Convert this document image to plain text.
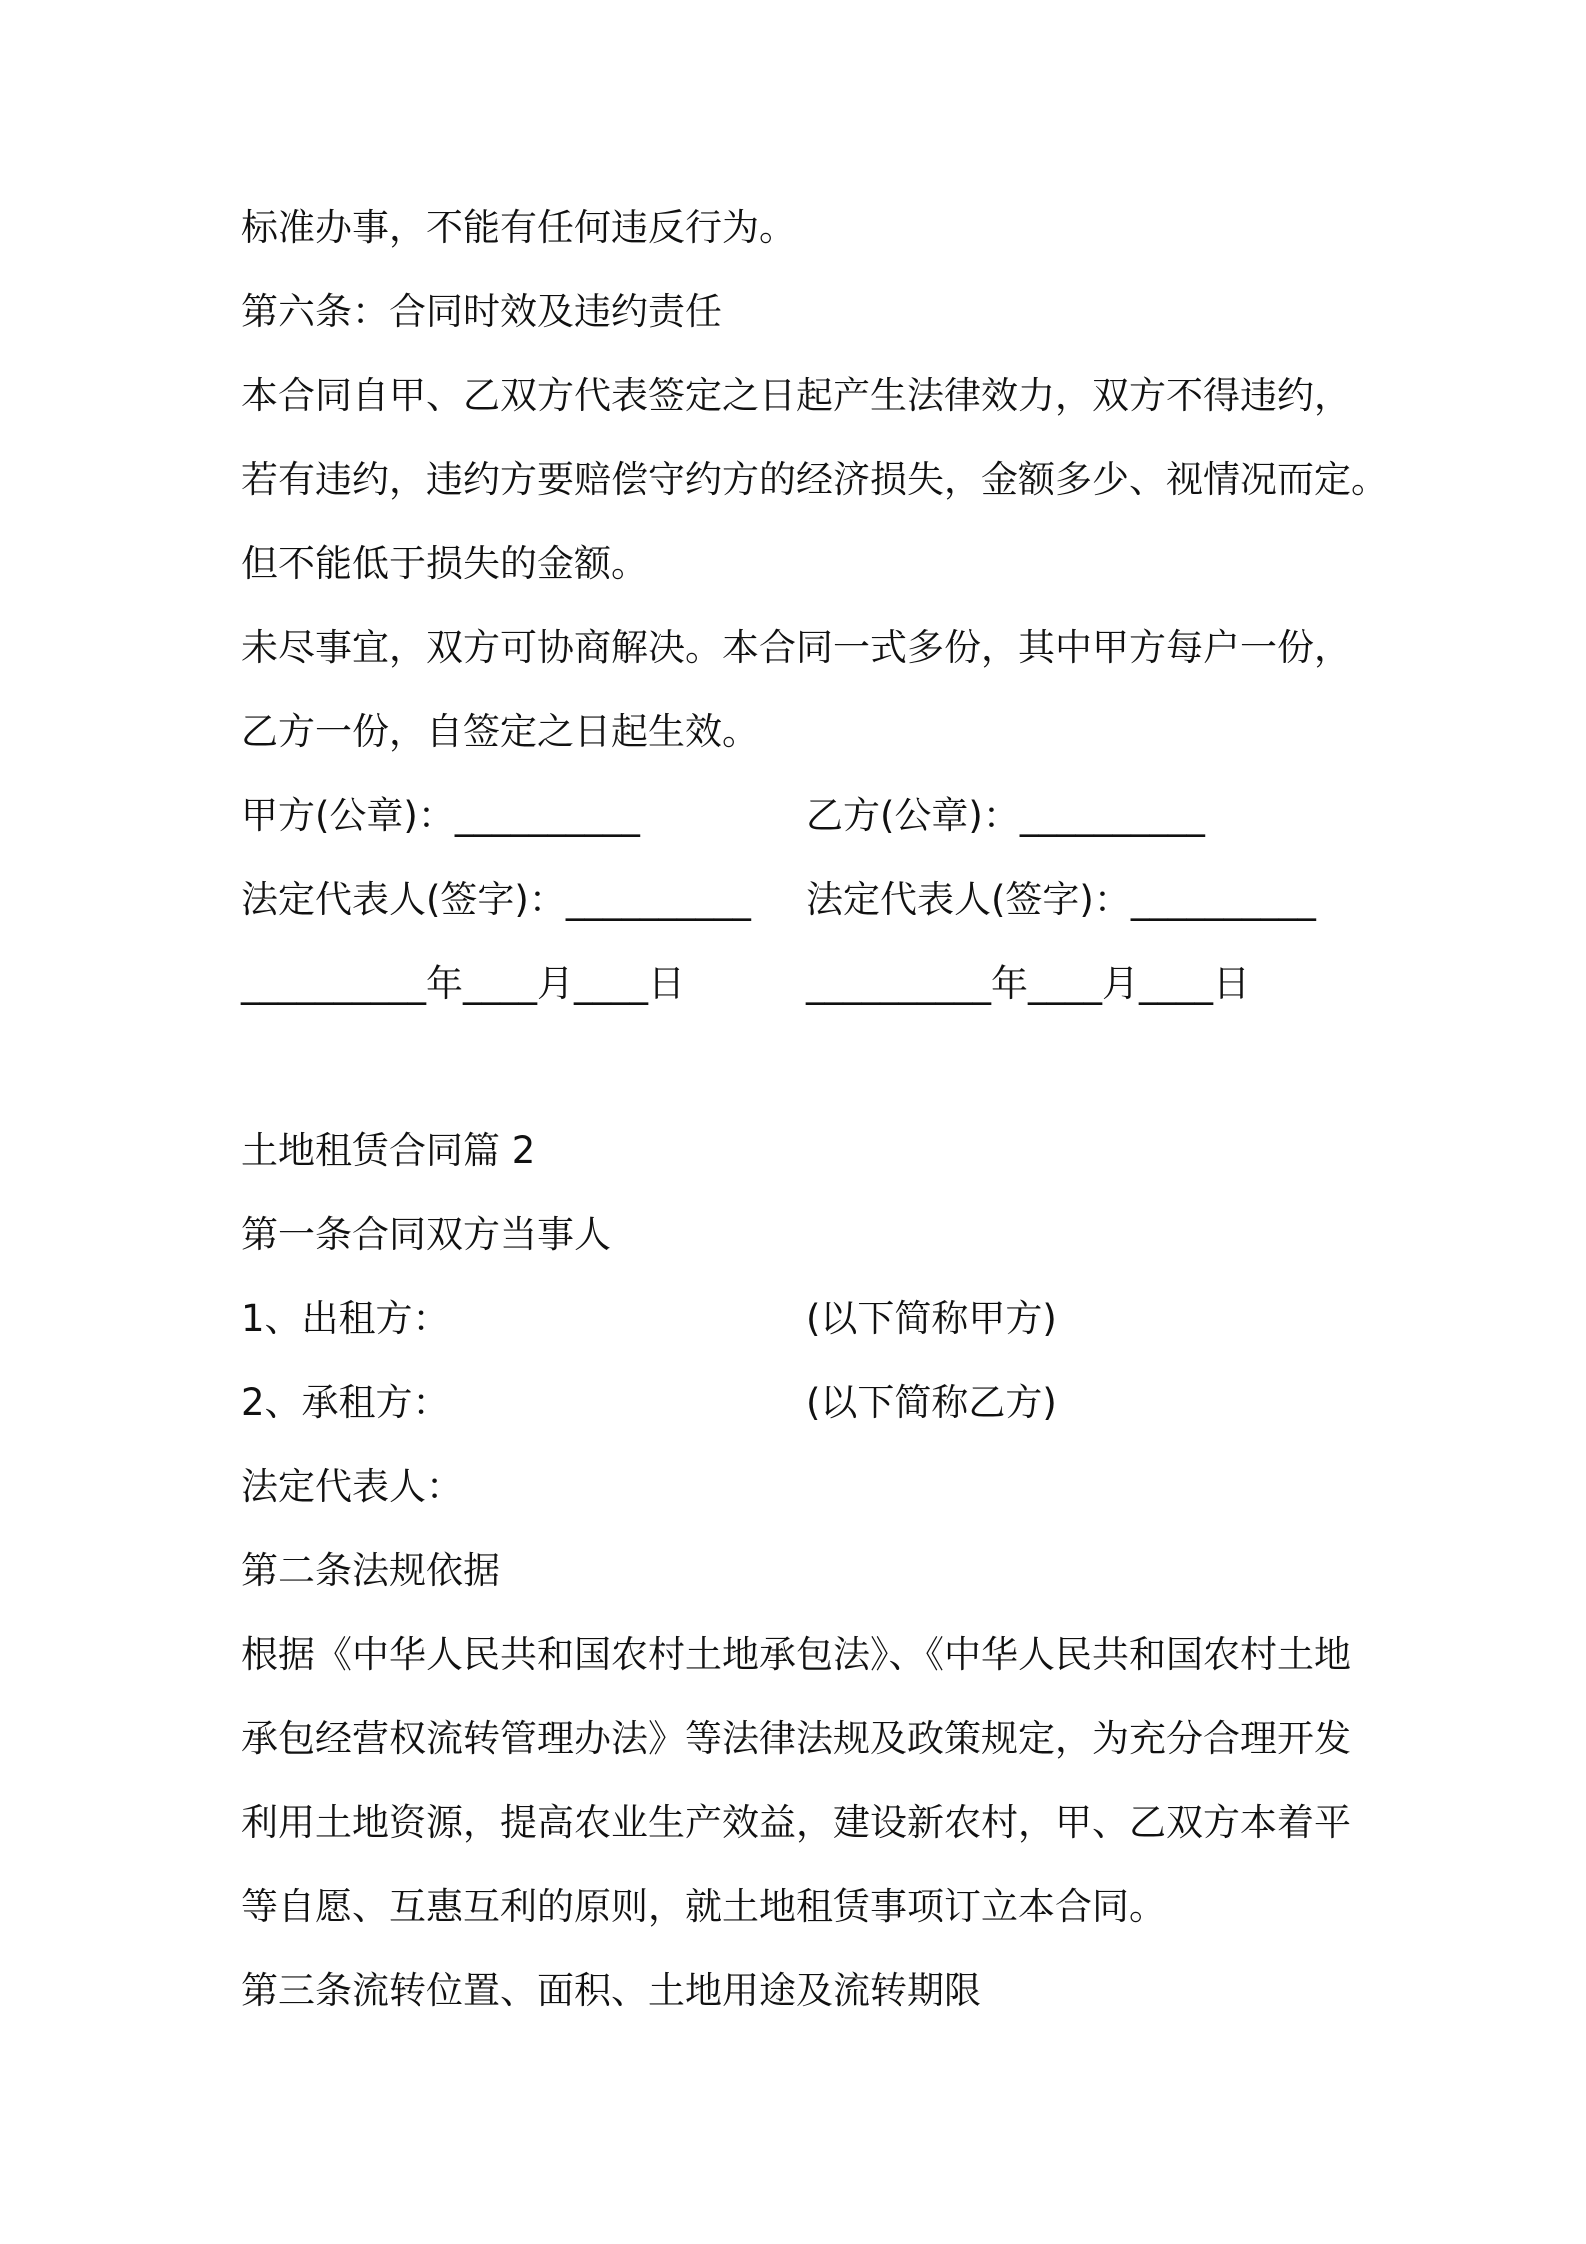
标准办事，不能有任何违反行为。
第六条：合同时效及违约责任
本合同自甲、乙双方代表签定之日起产生法律效力，双方不得违约，
若有违约，违约方要赔偿守约方的经济损失，金额多少、视情况而定。
但不能低于损失的金额。
未尽事宜，双方可协商解决。本合同一式多份，其中甲方每户一份，
乙方一份，自签定之日起生效。
甲方(公章)：__________	乙方(公章)：__________
法定代表人(签字)：__________	法定代表人(签字)：__________
__________年____月____日	__________年____月____日
土地租赁合同篇 2
第一条合同双方当事人
1、出租方：	(以下简称甲方)
2、承租方：	(以下简称乙方)
法定代表人：
第二条法规依据
根据《中华人民共和国农村土地承包法》、《中华人民共和国农村土地
承包经营权流转管理办法》等法律法规及政策规定，为充分合理开发
利用土地资源，提高农业生产效益，建设新农村，甲、乙双方本着平
等自愿、互惠互利的原则，就土地租赁事项订立本合同。
第三条流转位置、面积、土地用途及流转期限
